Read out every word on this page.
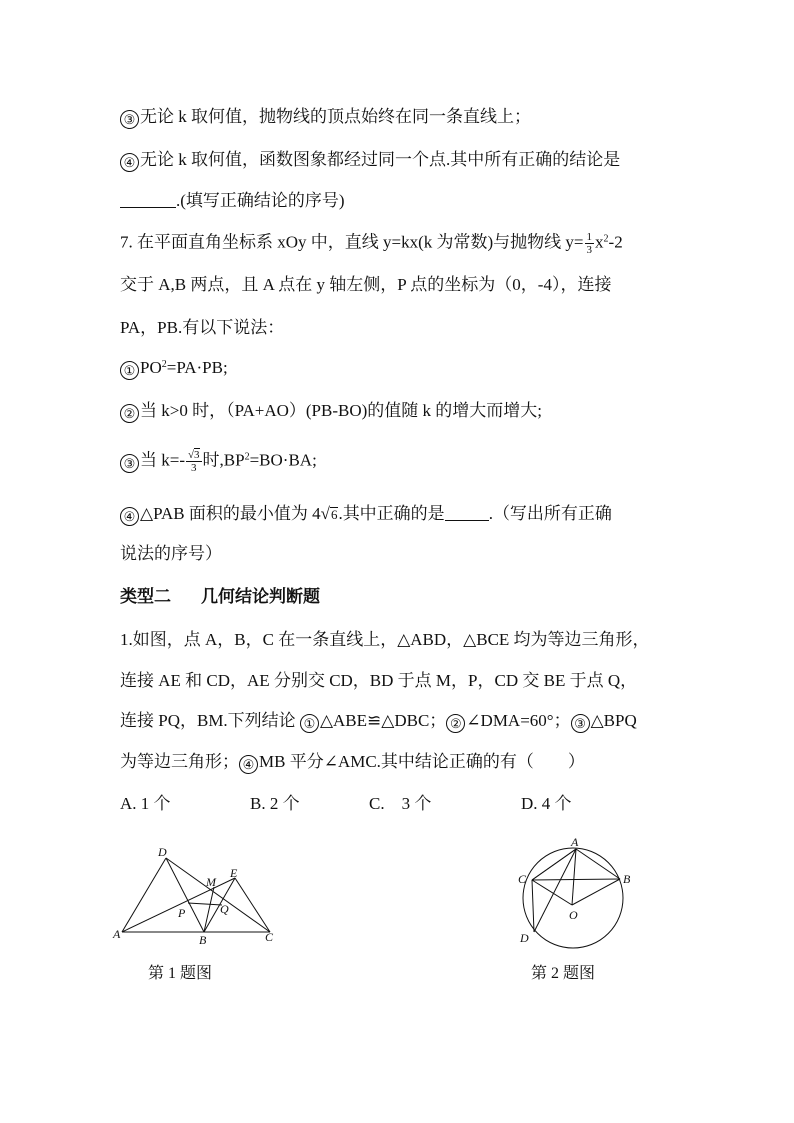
③ 无论 k 取何值，抛物线的顶点始终在同一条直线上；
④ 无论 k 取何值，函数图象都经过同一个点.其中所有正确的结论是
.(填写正确结论的序号)
7. 在平面直角坐标系 xOy 中，直线 y=kx(k 为常数)与抛物线 $y= \frac{1}{3} x^2-2$
交于 A,B 两点，且 A 点在 y 轴左侧，P 点的坐标为（0，-4），连接
PA，PB.有以下说法：
① $PO^2=PA\cdot PB$;
② 当 k>0 时，（PA+AO）(PB-BO)的值随 k 的增大而增大;
③ 当 $k=- \frac{√3}{3}$ 时$,BP^2=BO\cdot BA$;
④ △PAB 面积的最小值为 4√6.其中正确的是	.（写出所有正确
说法的序号）
类型二 几何结论判断题
1.如图，点 A，B，C 在一条直线上，△ABD，△BCE 均为等边三角形，
连接 AE 和 CD，AE 分别交 CD，BD 于点 M，P，CD 交 BE 于点 Q，
连接 PQ，BM.下列结论 ① △ABE≌△DBC； ② ∠DMA=60°； ③ △BPQ
为等边三角形； ④ MB 平分∠AMC.其中结论正确的有（　　）
A. 1 个	B. 2 个	C.　3 个	D. 4 个
D
E
M
P	Q
A	B	C
第 1 题图
A
C	B
O
D
第 2 题图
